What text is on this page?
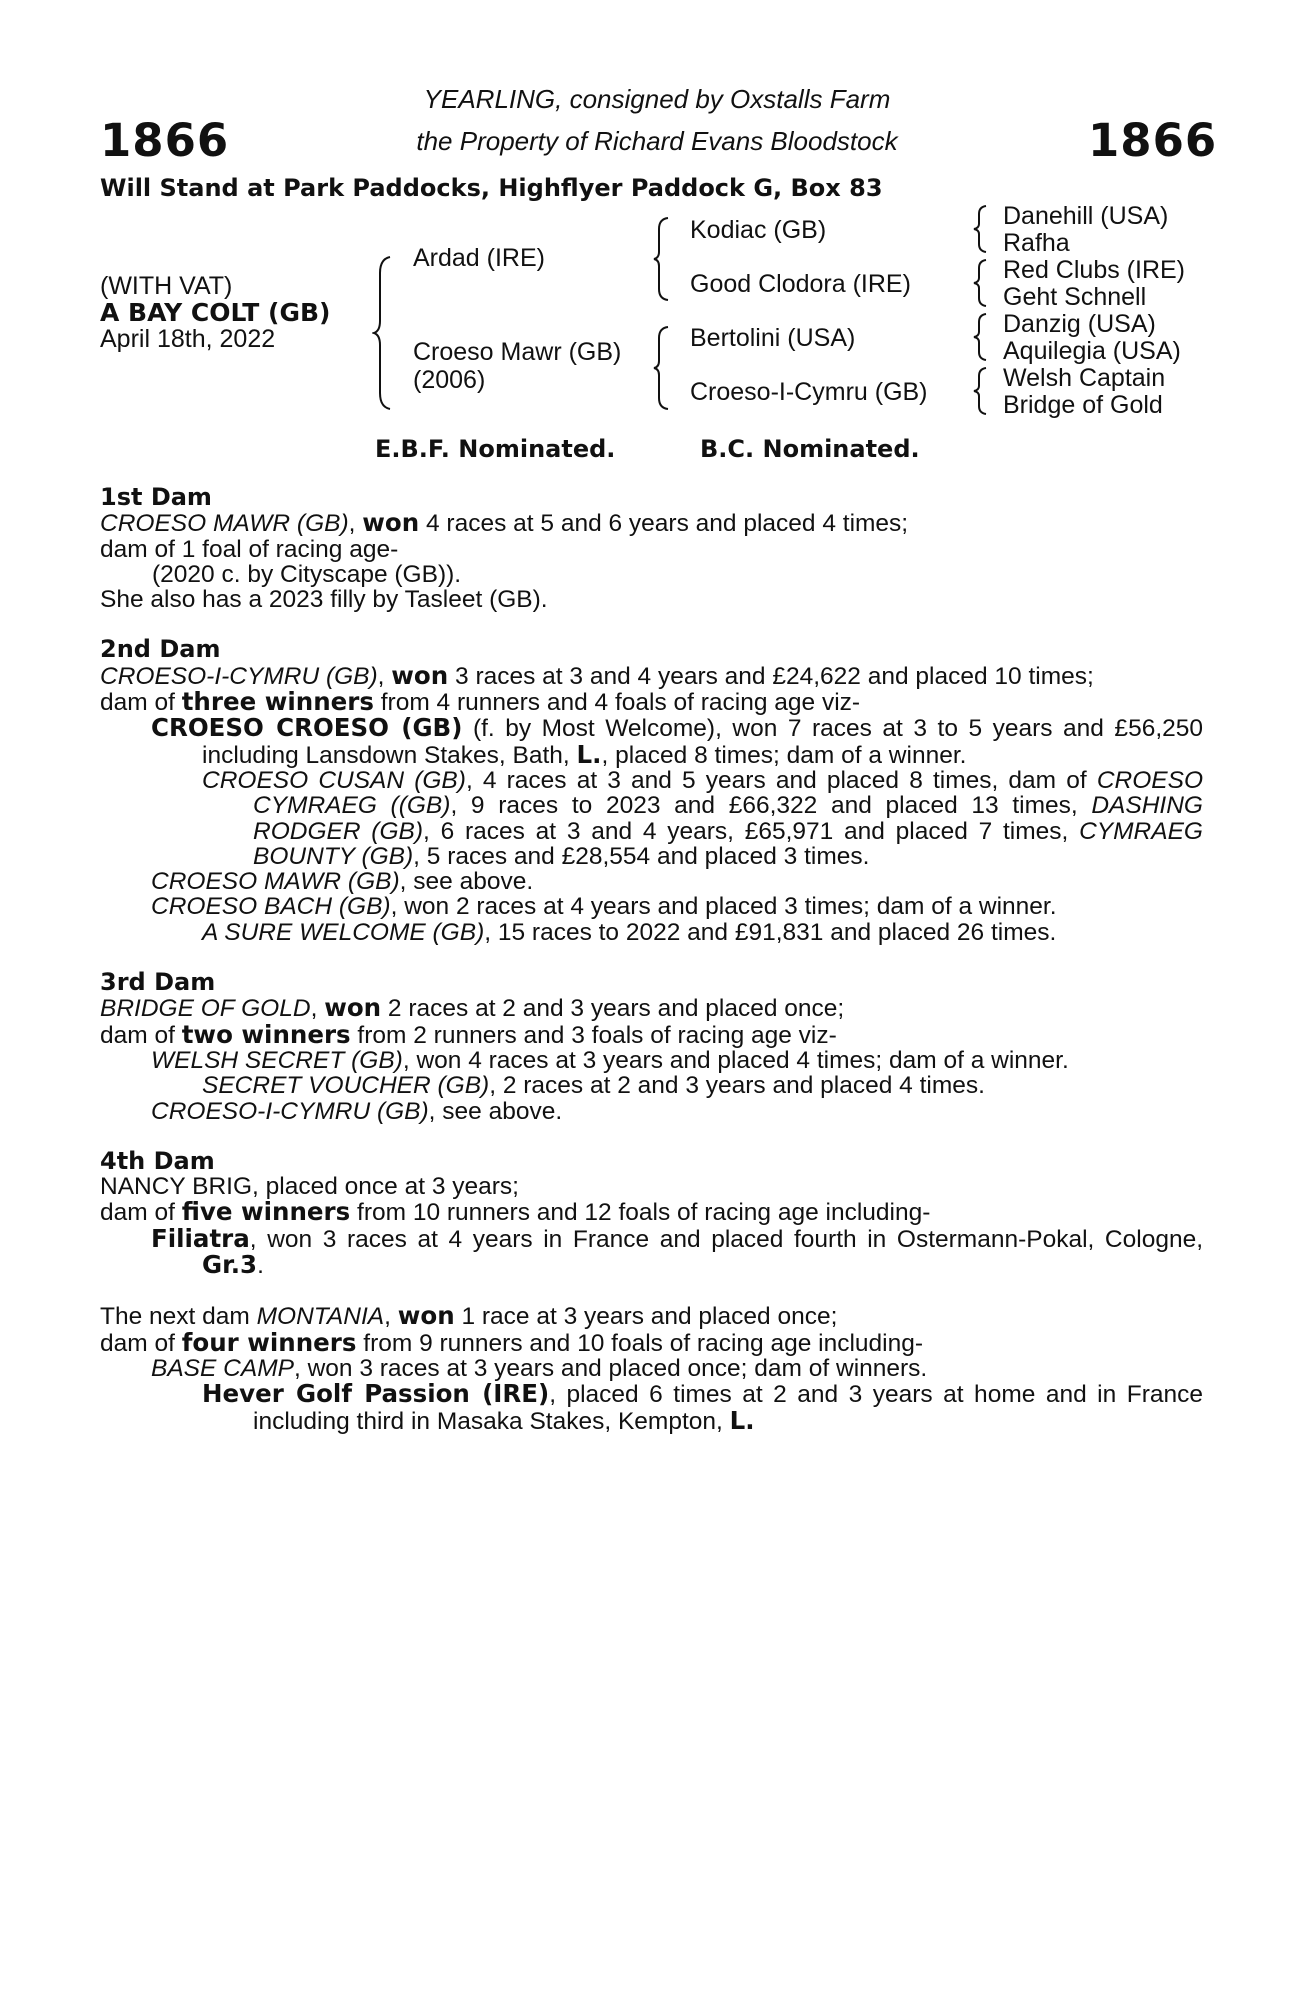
1866	1866
YEARLING, consigned by Oxstalls Farm
the Property of Richard Evans Bloodstock
Will Stand at Park Paddocks, Highflyer Paddock G, Box 83
(WITH VAT)
A BAY COLT (GB)
April 18th, 2022
Ardad (IRE)
Croeso Mawr (GB)
(2006)
Kodiac (GB)
Good Clodora (IRE)
Bertolini (USA)
Croeso-I-Cymru (GB)
Danehill (USA)
Rafha
Red Clubs (IRE)
Geht Schnell
Danzig (USA)
Aquilegia (USA)
Welsh Captain
Bridge of Gold
E.B.F. Nominated.	B.C. Nominated.
1st Dam
CROESO MAWR (GB), won 4 races at 5 and 6 years and placed 4 times;
dam of 1 foal of racing age-
(2020 c. by Cityscape (GB)).
She also has a 2023 filly by Tasleet (GB).
2nd Dam
CROESO-I-CYMRU (GB), won 3 races at 3 and 4 years and £24,622 and placed 10 times;
dam of three winners from 4 runners and 4 foals of racing age viz-
CROESO CROESO (GB) (f. by Most Welcome), won 7 races at 3 to 5 years and £56,250 including Lansdown Stakes, Bath, L., placed 8 times; dam of a winner.
CROESO CUSAN (GB), 4 races at 3 and 5 years and placed 8 times, dam of CROESO CYMRAEG ((GB), 9 races to 2023 and £66,322 and placed 13 times, DASHING RODGER (GB), 6 races at 3 and 4 years, £65,971 and placed 7 times, CYMRAEG BOUNTY (GB), 5 races and £28,554 and placed 3 times.
CROESO MAWR (GB), see above.
CROESO BACH (GB), won 2 races at 4 years and placed 3 times; dam of a winner.
A SURE WELCOME (GB), 15 races to 2022 and £91,831 and placed 26 times.
3rd Dam
BRIDGE OF GOLD, won 2 races at 2 and 3 years and placed once;
dam of two winners from 2 runners and 3 foals of racing age viz-
WELSH SECRET (GB), won 4 races at 3 years and placed 4 times; dam of a winner.
SECRET VOUCHER (GB), 2 races at 2 and 3 years and placed 4 times.
CROESO-I-CYMRU (GB), see above.
4th Dam
NANCY BRIG, placed once at 3 years;
dam of five winners from 10 runners and 12 foals of racing age including-
Filiatra, won 3 races at 4 years in France and placed fourth in Ostermann-Pokal, Cologne, Gr.3.
The next dam MONTANIA, won 1 race at 3 years and placed once;
dam of four winners from 9 runners and 10 foals of racing age including-
BASE CAMP, won 3 races at 3 years and placed once; dam of winners.
Hever Golf Passion (IRE), placed 6 times at 2 and 3 years at home and in France including third in Masaka Stakes, Kempton, L.
